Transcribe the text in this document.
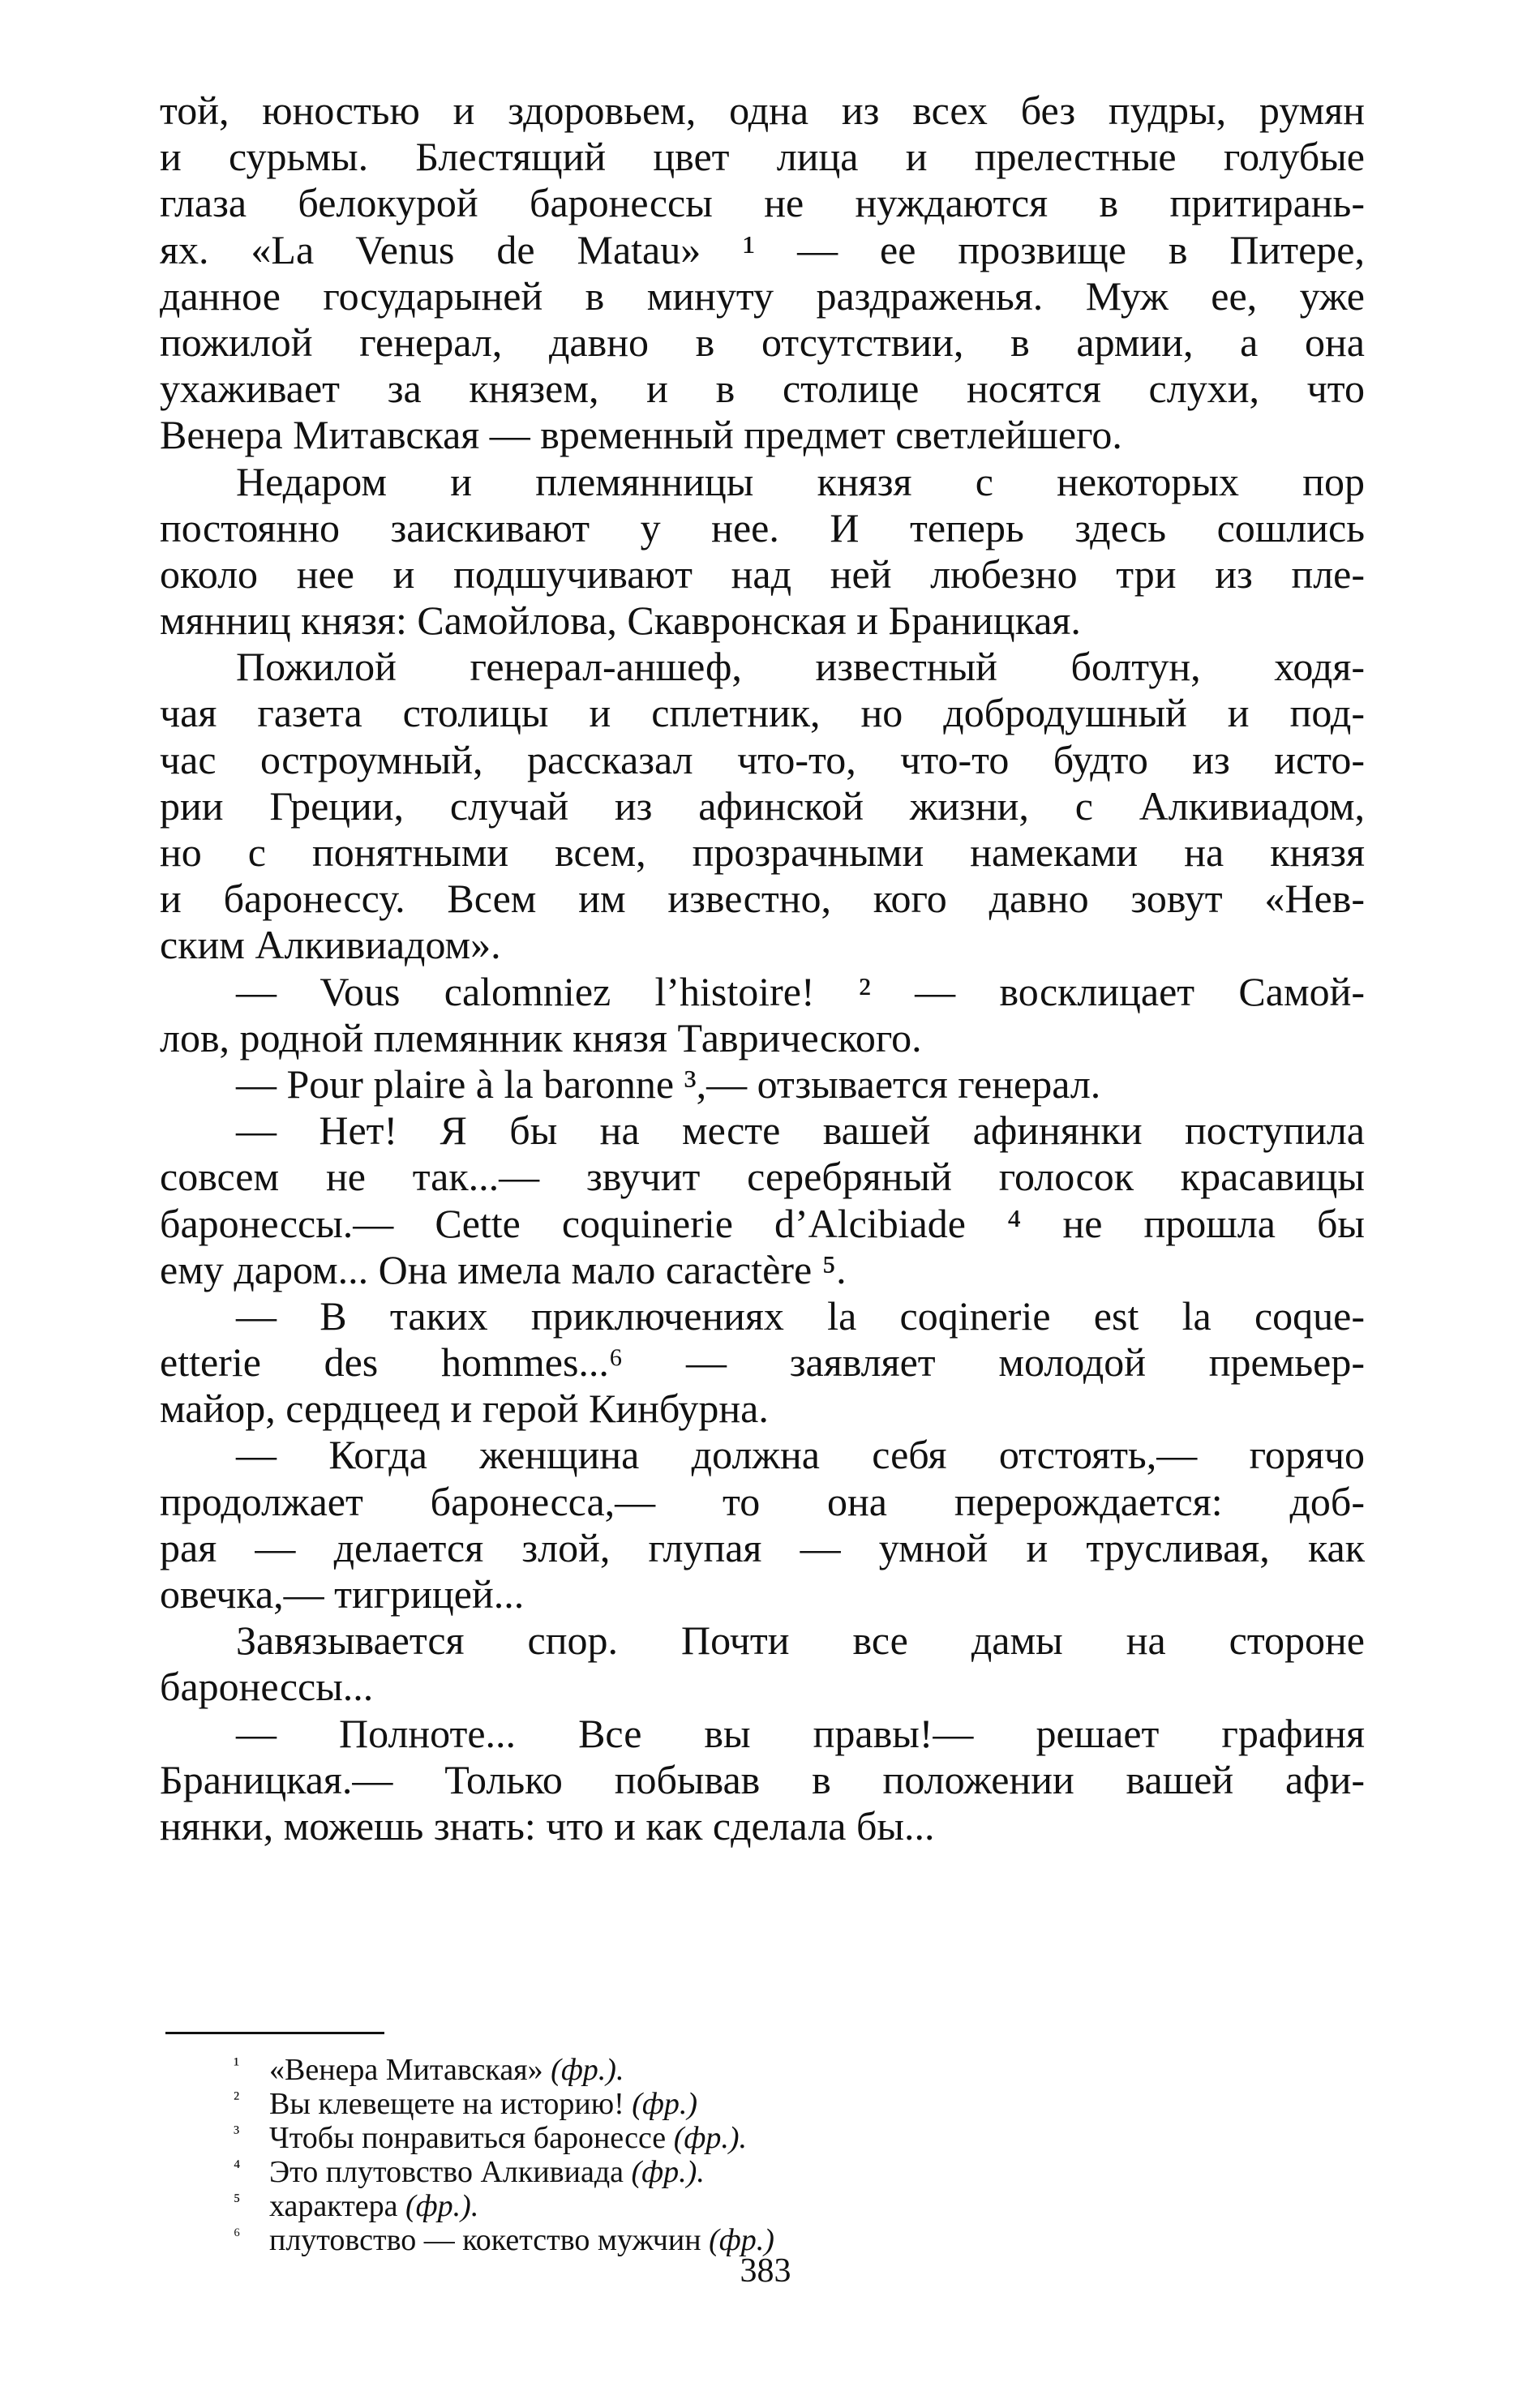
той, юностью и здоровьем, одна из всех без пудры, румян
и сурьмы. Блестящий цвет лица и прелестные голубые
глаза белокурой баронессы не нуждаются в притирань-
ях. «La Venus de Matau» ¹ — ее прозвище в Питере,
данное государыней в минуту раздраженья. Муж ее, уже
пожилой генерал, давно в отсутствии, в армии, а она
ухаживает за князем, и в столице носятся слухи, что
Венера Митавская — временный предмет светлейшего.
Недаром и племянницы князя с некоторых пор
постоянно заискивают у нее. И теперь здесь сошлись
около нее и подшучивают над ней любезно три из пле-
мянниц князя: Самойлова, Скавронская и Браницкая.
Пожилой генерал-аншеф, известный болтун, ходя-
чая газета столицы и сплетник, но добродушный и под-
час остроумный, рассказал что-то, что-то будто из исто-
рии Греции, случай из афинской жизни, с Алкивиадом,
но с понятными всем, прозрачными намеками на князя
и баронессу. Всем им известно, кого давно зовут «Нев-
ским Алкивиадом».
— Vous calomniez l’histoire! ² — восклицает Самой-
лов, родной племянник князя Таврического.
— Pour plaire à la baronne ³,— отзывается генерал.
— Нет! Я бы на месте вашей афинянки поступила
совсем не так...— звучит серебряный голосок красавицы
баронессы.— Cette coquinerie d’Alcibiade ⁴ не прошла бы
ему даром... Она имела мало caractère ⁵.
— В таких приключениях la coqinerie est la coque-
etterie des hommes...⁶ — заявляет молодой премьер-
майор, сердцеед и герой Кинбурна.
— Когда женщина должна себя отстоять,— горячо
продолжает баронесса,— то она перерождается: доб-
рая — делается злой, глупая — умной и трусливая, как
овечка,— тигрицей...
Завязывается спор. Почти все дамы на стороне
баронессы...
— Полноте... Все вы правы!— решает графиня
Браницкая.— Только побывав в положении вашей афи-
нянки, можешь знать: что и как сделала бы...
¹ «Венера Митавская» (фр.).
² Вы клевещете на историю! (фр.)
³ Чтобы понравиться баронессе (фр.).
⁴ Это плутовство Алкивиада (фр.).
⁵ характера (фр.).
⁶ плутовство — кокетство мужчин (фр.)
383
